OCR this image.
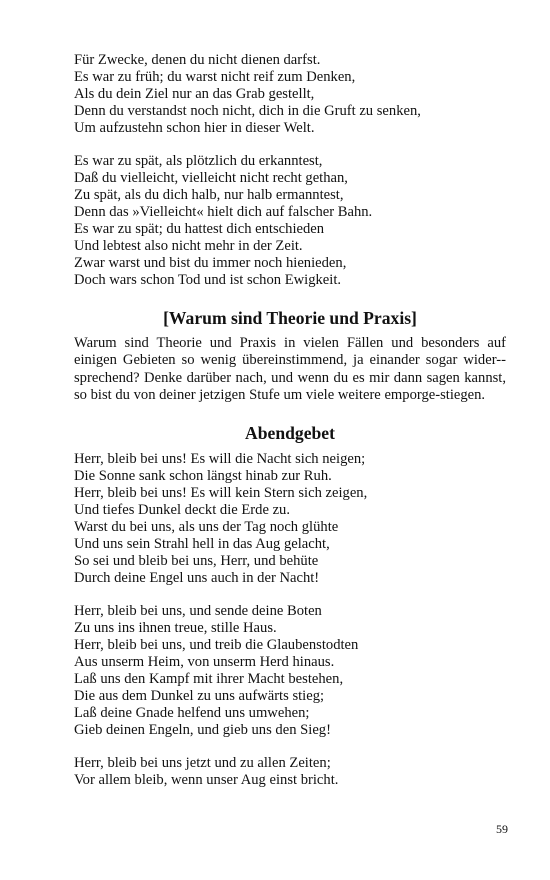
Für Zwecke, denen du nicht dienen darfst.
Es war zu früh; du warst nicht reif zum Denken,
Als du dein Ziel nur an das Grab gestellt,
Denn du verstandst noch nicht, dich in die Gruft zu senken,
Um aufzustehn schon hier in dieser Welt.
Es war zu spät, als plötzlich du erkanntest,
Daß du vielleicht, vielleicht nicht recht gethan,
Zu spät, als du dich halb, nur halb ermanntest,
Denn das »Vielleicht« hielt dich auf falscher Bahn.
Es war zu spät; du hattest dich entschieden
Und lebtest also nicht mehr in der Zeit.
Zwar warst und bist du immer noch hienieden,
Doch wars schon Tod und ist schon Ewigkeit.
[Warum sind Theorie und Praxis]
Warum sind Theorie und Praxis in vielen Fällen und besonders auf einigen Gebieten so wenig übereinstimmend, ja einander sogar wider-sprechend? Denke darüber nach, und wenn du es mir dann sagen kannst, so bist du von deiner jetzigen Stufe um viele weitere emporge-stiegen.
Abendgebet
Herr, bleib bei uns! Es will die Nacht sich neigen;
Die Sonne sank schon längst hinab zur Ruh.
Herr, bleib bei uns! Es will kein Stern sich zeigen,
Und tiefes Dunkel deckt die Erde zu.
Warst du bei uns, als uns der Tag noch glühte
Und uns sein Strahl hell in das Aug gelacht,
So sei und bleib bei uns, Herr, und behüte
Durch deine Engel uns auch in der Nacht!
Herr, bleib bei uns, und sende deine Boten
Zu uns ins ihnen treue, stille Haus.
Herr, bleib bei uns, und treib die Glaubenstodten
Aus unserm Heim, von unserm Herd hinaus.
Laß uns den Kampf mit ihrer Macht bestehen,
Die aus dem Dunkel zu uns aufwärts stieg;
Laß deine Gnade helfend uns umwehen;
Gieb deinen Engeln, und gieb uns den Sieg!
Herr, bleib bei uns jetzt und zu allen Zeiten;
Vor allem bleib, wenn unser Aug einst bricht.
59
